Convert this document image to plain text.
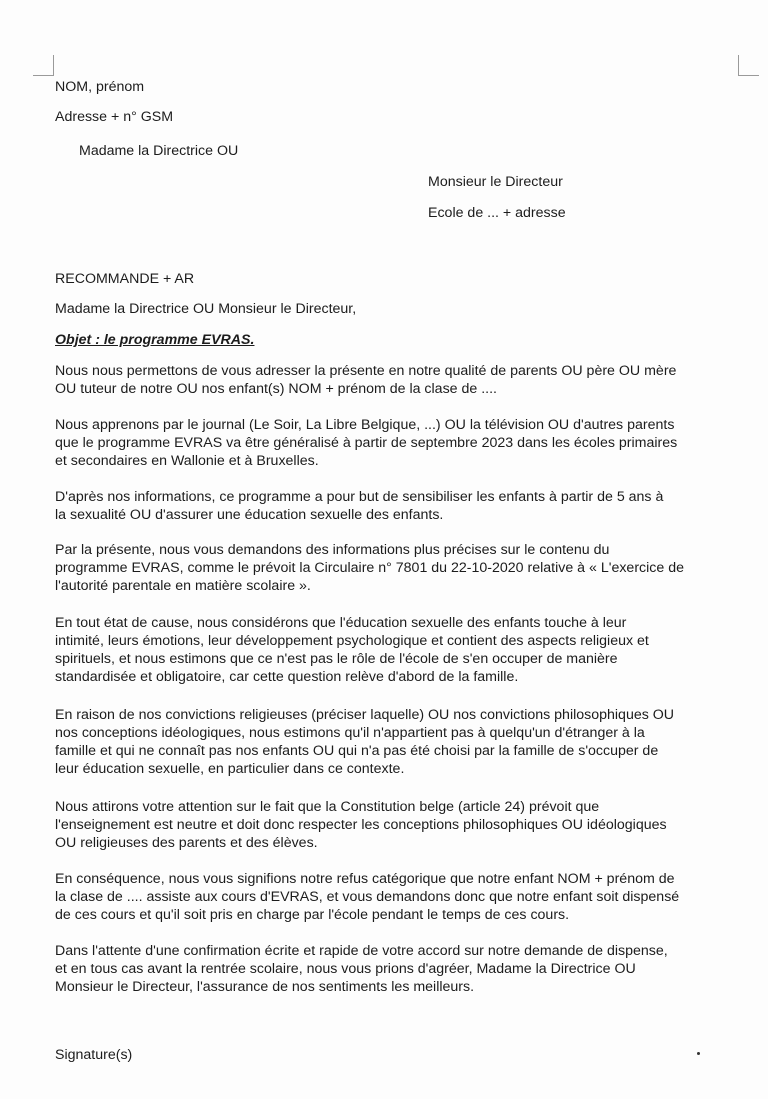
NOM, prénom
Adresse + n° GSM
Madame la Directrice OU
Monsieur le Directeur
Ecole de ... + adresse
RECOMMANDE + AR
Madame la Directrice OU Monsieur le Directeur,
Objet : le programme EVRAS.
Nous nous permettons de vous adresser la présente en notre qualité de parents OU père OU mère
OU tuteur de notre OU nos enfant(s) NOM + prénom de la clase de ....
Nous apprenons par le journal (Le Soir, La Libre Belgique, ...) OU la télévision OU d'autres parents
que le programme EVRAS va être généralisé à partir de septembre 2023 dans les écoles primaires
et secondaires en Wallonie et à Bruxelles.
D'après nos informations, ce programme a pour but de sensibiliser les enfants à partir de 5 ans à
la sexualité OU d'assurer une éducation sexuelle des enfants.
Par la présente, nous vous demandons des informations plus précises sur le contenu du
programme EVRAS, comme le prévoit la Circulaire n° 7801 du 22-10-2020 relative à « L'exercice de
l'autorité parentale en matière scolaire ».
En tout état de cause, nous considérons que l'éducation sexuelle des enfants touche à leur
intimité, leurs émotions, leur développement psychologique et contient des aspects religieux et
spirituels, et nous estimons que ce n'est pas le rôle de l'école de s'en occuper de manière
standardisée et obligatoire, car cette question relève d'abord de la famille.
En raison de nos convictions religieuses (préciser laquelle) OU nos convictions philosophiques OU
nos conceptions idéologiques, nous estimons qu'il n'appartient pas à quelqu'un d'étranger à la
famille et qui ne connaît pas nos enfants OU qui n'a pas été choisi par la famille de s'occuper de
leur éducation sexuelle, en particulier dans ce contexte.
Nous attirons votre attention sur le fait que la Constitution belge (article 24) prévoit que
l'enseignement est neutre et doit donc respecter les conceptions philosophiques OU idéologiques
OU religieuses des parents et des élèves.
En conséquence, nous vous signifions notre refus catégorique que notre enfant NOM + prénom de
la clase de .... assiste aux cours d'EVRAS, et vous demandons donc que notre enfant soit dispensé
de ces cours et qu'il soit pris en charge par l'école pendant le temps de ces cours.
Dans l'attente d'une confirmation écrite et rapide de votre accord sur notre demande de dispense,
et en tous cas avant la rentrée scolaire, nous vous prions d'agréer, Madame la Directrice OU
Monsieur le Directeur, l'assurance de nos sentiments les meilleurs.
Signature(s)
